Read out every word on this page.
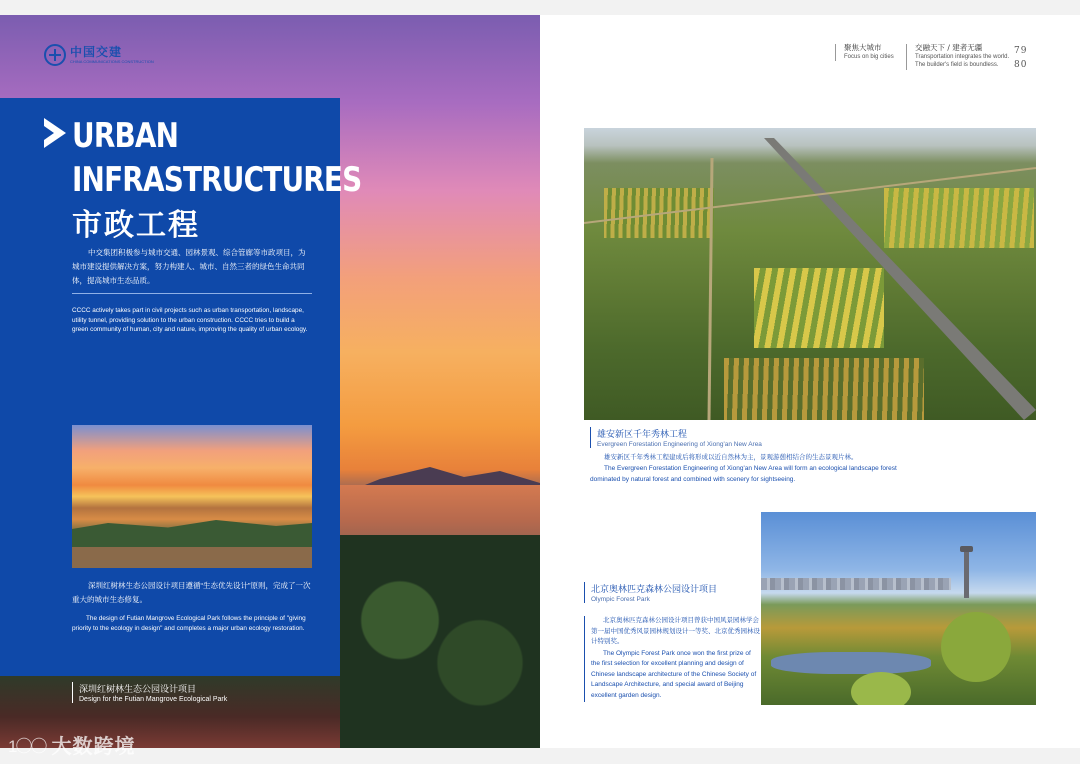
中国交建
CHINA COMMUNICATIONS CONSTRUCTION
URBAN
INFRASTRUCTURES
市政工程
中交集团积极参与城市交通、园林景观、综合管廊等市政项目，为城市建设提供解决方案，努力构建人、城市、自然三者的绿色生命共同体，提高城市生态品质。
CCCC actively takes part in civil projects such as urban transportation, landscape, utility tunnel, providing solution to the urban construction. CCCC tries to build a green community of human, city and nature, improving the quality of urban ecology.
深圳红树林生态公园设计项目遵循“生态优先设计”原则，完成了一次重大的城市生态修复。
The design of Futian Mangrove Ecological Park follows the principle of "giving priority to the ecology in design" and completes a major urban ecology restoration.
深圳红树林生态公园设计项目
Design for the Futian Mangrove Ecological Park
1〇〇 大数跨境
聚焦大城市
Focus on big cities
交融天下 / 建者无疆
Transportation integrates the world.
The builder's field is boundless.
79
80
雄安新区千年秀林工程
Evergreen Forestation Engineering of Xiong'an New Area

雄安新区千年秀林工程建成后将形成以近自然林为主，景观游憩相结合的生态景观片林。

The Evergreen Forestation Engineering of Xiong'an New Area will form an ecological landscape forest dominated by natural forest and combined with scenery for sightseeing.

北京奥林匹克森林公园设计项目
Olympic Forest Park

北京奥林匹克森林公园设计项目曾获中国风景园林学会第一届中国优秀风景园林规划设计一等奖、北京优秀园林设计特别奖。

The Olympic Forest Park once won the first prize of the first selection for excellent planning and design of Chinese landscape architecture of the Chinese Society of Landscape Architecture, and special award of Beijing excellent garden design.
